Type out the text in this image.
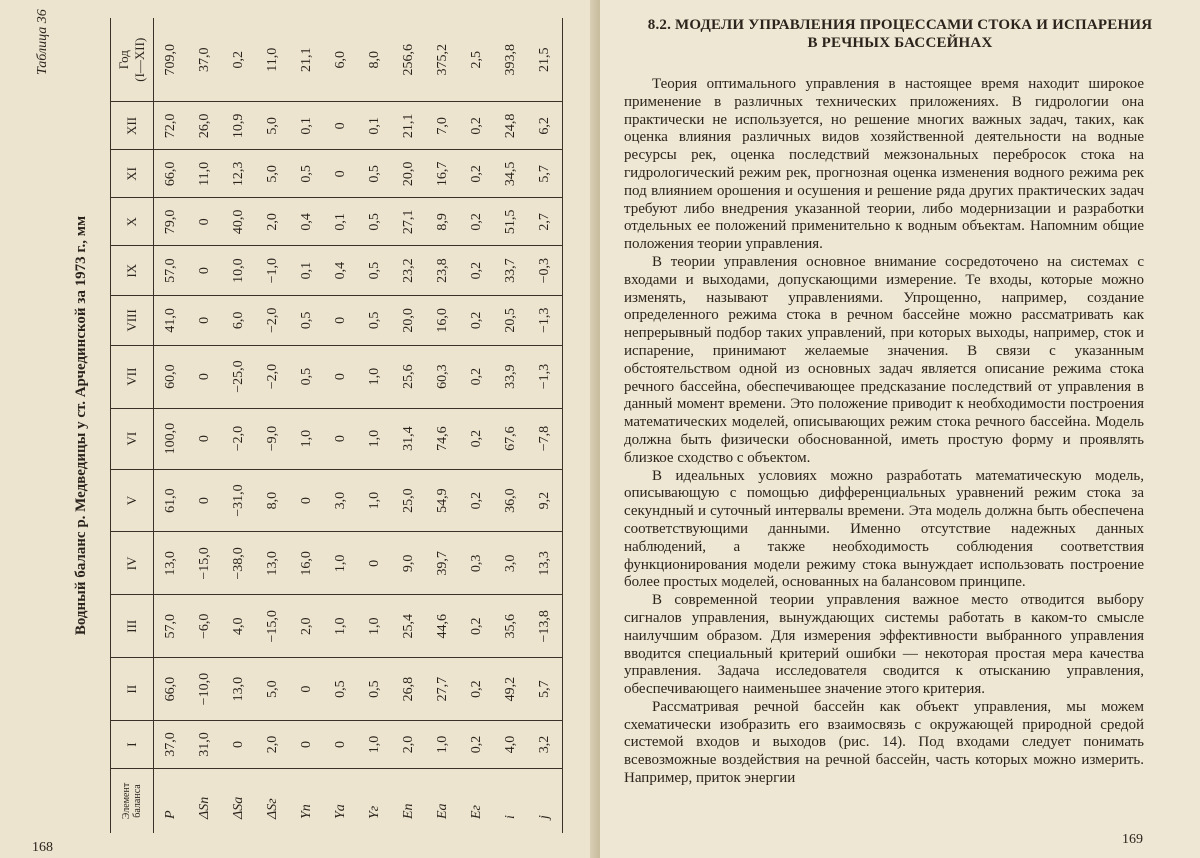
Таблица 36
Водный баланс р. Медведицы у ст. Арчединской за 1973 г., мм
Элемент
баланса	I	II	III	IV	V	VI	VII	VIII	IX	X	XI	XII	Год
(I—XII)
P	37,0	66,0	57,0	13,0	61,0	100,0	60,0	41,0	57,0	79,0	66,0	72,0	709,0
ΔSп	31,0	−10,0	−6,0	−15,0	0	0	0	0	0	0	11,0	26,0	37,0
ΔSа	0	13,0	4,0	−38,0	−31,0	−2,0	−25,0	6,0	10,0	40,0	12,3	10,9	0,2
ΔSг	2,0	5,0	−15,0	13,0	8,0	−9,0	−2,0	−2,0	−1,0	2,0	5,0	5,0	11,0
Yп	0	0	2,0	16,0	0	1,0	0,5	0,5	0,1	0,4	0,5	0,1	21,1
Yа	0	0,5	1,0	1,0	3,0	0	0	0	0,4	0,1	0	0	6,0
Yг	1,0	0,5	1,0	0	1,0	1,0	1,0	0,5	0,5	0,5	0,5	0,1	8,0
Eп	2,0	26,8	25,4	9,0	25,0	31,4	25,6	20,0	23,2	27,1	20,0	21,1	256,6
Eа	1,0	27,7	44,6	39,7	54,9	74,6	60,3	16,0	23,8	8,9	16,7	7,0	375,2
Eг	0,2	0,2	0,2	0,3	0,2	0,2	0,2	0,2	0,2	0,2	0,2	0,2	2,5
i	4,0	49,2	35,6	3,0	36,0	67,6	33,9	20,5	33,7	51,5	34,5	24,8	393,8
j	3,2	5,7	−13,8	13,3	9,2	−7,8	−1,3	−1,3	−0,3	2,7	5,7	6,2	21,5
168
8.2. МОДЕЛИ УПРАВЛЕНИЯ ПРОЦЕССАМИ СТОКА И ИСПАРЕНИЯ
В РЕЧНЫХ БАССЕЙНАХ

Теория оптимального управления в настоящее время находит широкое применение в различных технических приложениях. В гидрологии она практически не используется, но решение многих важных задач, таких, как оценка влияния различных видов хозяйственной деятельности на водные ресурсы рек, оценка последствий межзональных перебросок стока на гидрологический режим рек, прогнозная оценка изменения водного режима рек под влиянием орошения и осушения и решение ряда других практических задач требуют либо внедрения указанной теории, либо модернизации и разработки отдельных ее положений применительно к водным объектам. Напомним общие положения теории управления.

В теории управления основное внимание сосредоточено на системах с входами и выходами, допускающими измерение. Те входы, которые можно изменять, называют управлениями. Упрощенно, например, создание определенного режима стока в речном бассейне можно рассматривать как непрерывный подбор таких управлений, при которых выходы, например, сток и испарение, принимают желаемые значения. В связи с указанным обстоятельством одной из основных задач является описание режима стока речного бассейна, обеспечивающее предсказание последствий от управления в данный момент времени. Это положение приводит к необходимости построения математических моделей, описывающих режим стока речного бассейна. Модель должна быть физически обоснованной, иметь простую форму и проявлять близкое сходство с объектом.

В идеальных условиях можно разработать математическую модель, описывающую с помощью дифференциальных уравнений режим стока за секундный и суточный интервалы времени. Эта модель должна быть обеспечена соответствующими данными. Именно отсутствие надежных данных наблюдений, а также необходимость соблюдения соответствия функционирования модели режиму стока вынуждает использовать построение более простых моделей, основанных на балансовом принципе.

В современной теории управления важное место отводится выбору сигналов управления, вынуждающих системы работать в каком-то смысле наилучшим образом. Для измерения эффективности выбранного управления вводится специальный критерий ошибки — некоторая простая мера качества управления. Задача исследователя сводится к отысканию управления, обеспечивающего наименьшее значение этого критерия.

Рассматривая речной бассейн как объект управления, мы можем схематически изобразить его взаимосвязь с окружающей природной средой системой входов и выходов (рис. 14). Под входами следует понимать всевозможные воздействия на речной бассейн, часть которых можно измерить. Например, приток энергии

169
